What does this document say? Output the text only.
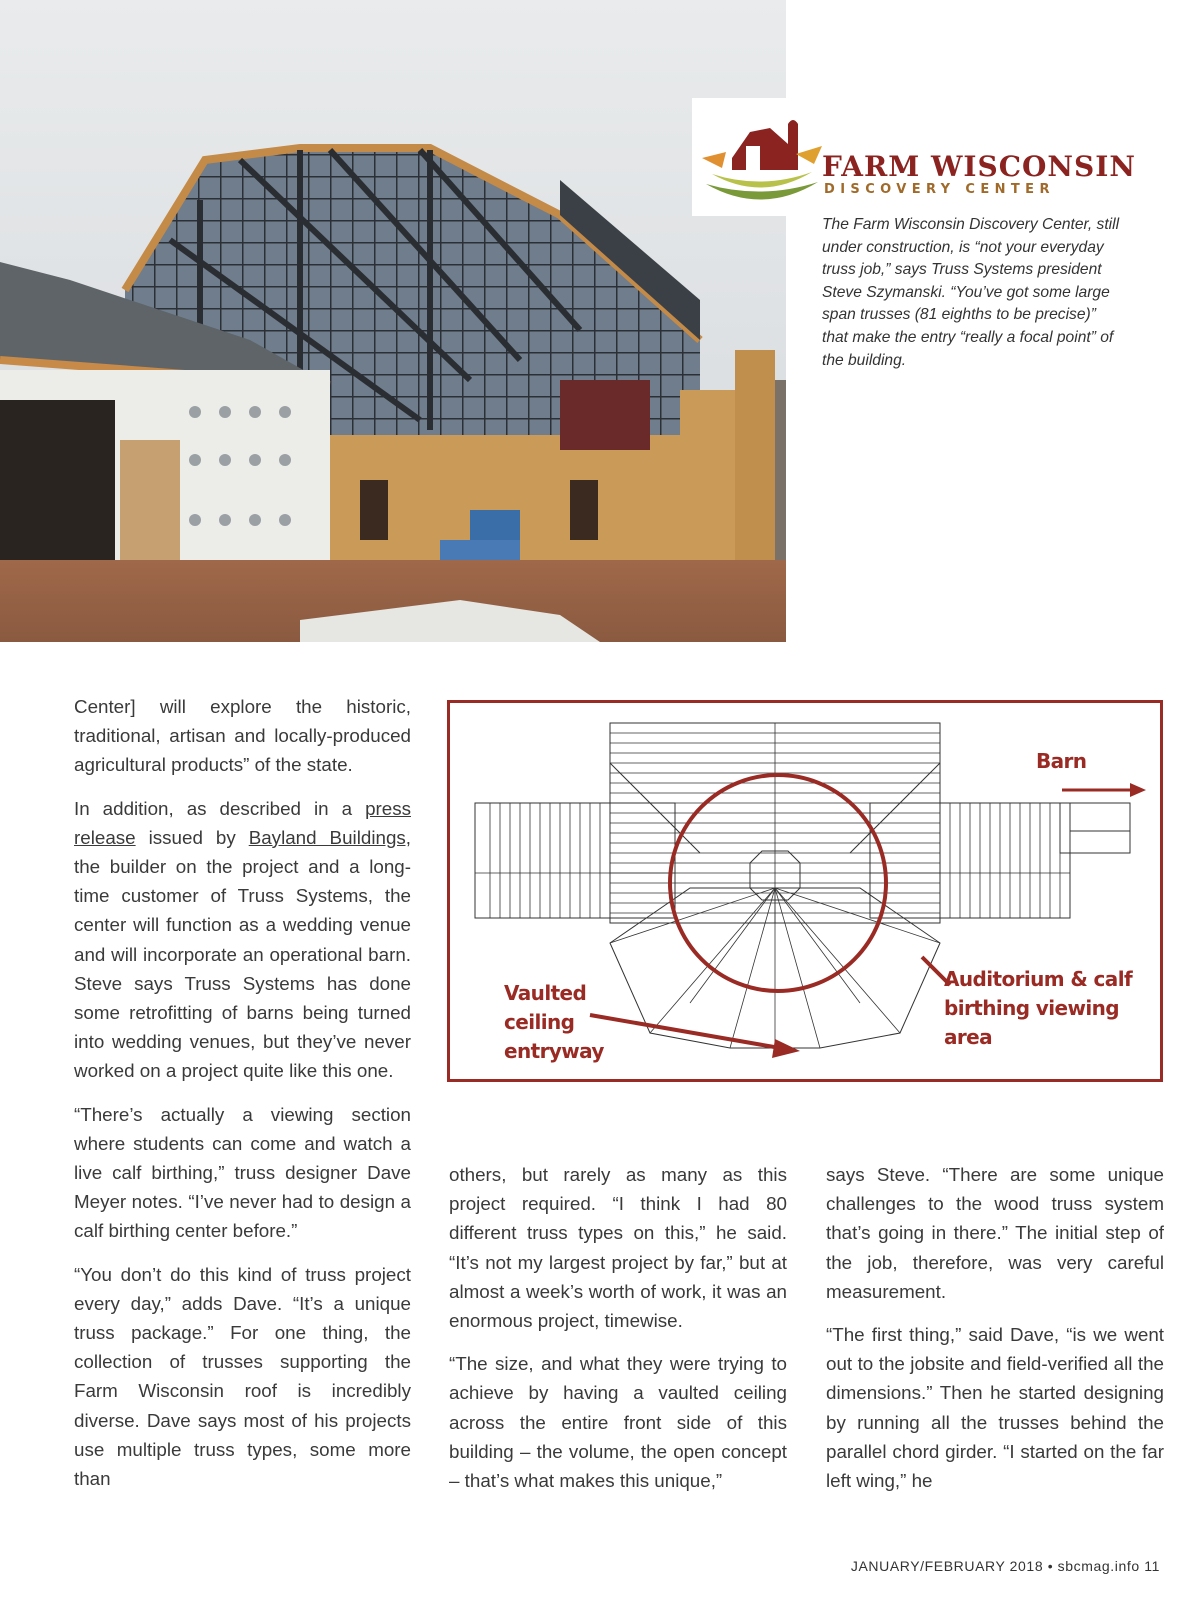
FARM WISCONSIN
DISCOVERY CENTER

The Farm Wisconsin Discovery Center, still under construction, is “not your everyday truss job,” says Truss Systems president Steve Szymanski. “You’ve got some large span trusses (81 eighths to be precise)” that make the entry “really a focal point” of the building.

Center] will explore the historic, traditional, artisan and locally-produced agricultural products” of the state.

In addition, as described in a press release issued by Bayland Buildings, the builder on the project and a long-time customer of Truss Systems, the center will function as a wedding venue and will incorporate an operational barn. Steve says Truss Systems has done some retrofitting of barns being turned into wedding venues, but they’ve never worked on a project quite like this one.

“There’s actually a viewing section where students can come and watch a live calf birthing,” truss designer Dave Meyer notes. “I’ve never had to design a calf birthing center before.”

“You don’t do this kind of truss project every day,” adds Dave. “It’s a unique truss package.” For one thing, the collection of trusses supporting the Farm Wisconsin roof is incredibly diverse. Dave says most of his projects use multiple truss types, some more than

Barn
Vaulted
ceiling
entryway
Auditorium & calf
birthing viewing
area

others, but rarely as many as this project required. “I think I had 80 different truss types on this,” he said. “It’s not my largest project by far,” but at almost a week’s worth of work, it was an enormous project, timewise.

“The size, and what they were trying to achieve by having a vaulted ceiling across the entire front side of this building – the volume, the open concept – that’s what makes this unique,”

says Steve. “There are some unique challenges to the wood truss system that’s going in there.” The initial step of the job, therefore, was very careful measurement.

“The first thing,” said Dave, “is we went out to the jobsite and field-verified all the dimensions.” Then he started designing by running all the trusses behind the parallel chord girder. “I started on the far left wing,” he

JANUARY/FEBRUARY 2018 • sbcmag.info 11
